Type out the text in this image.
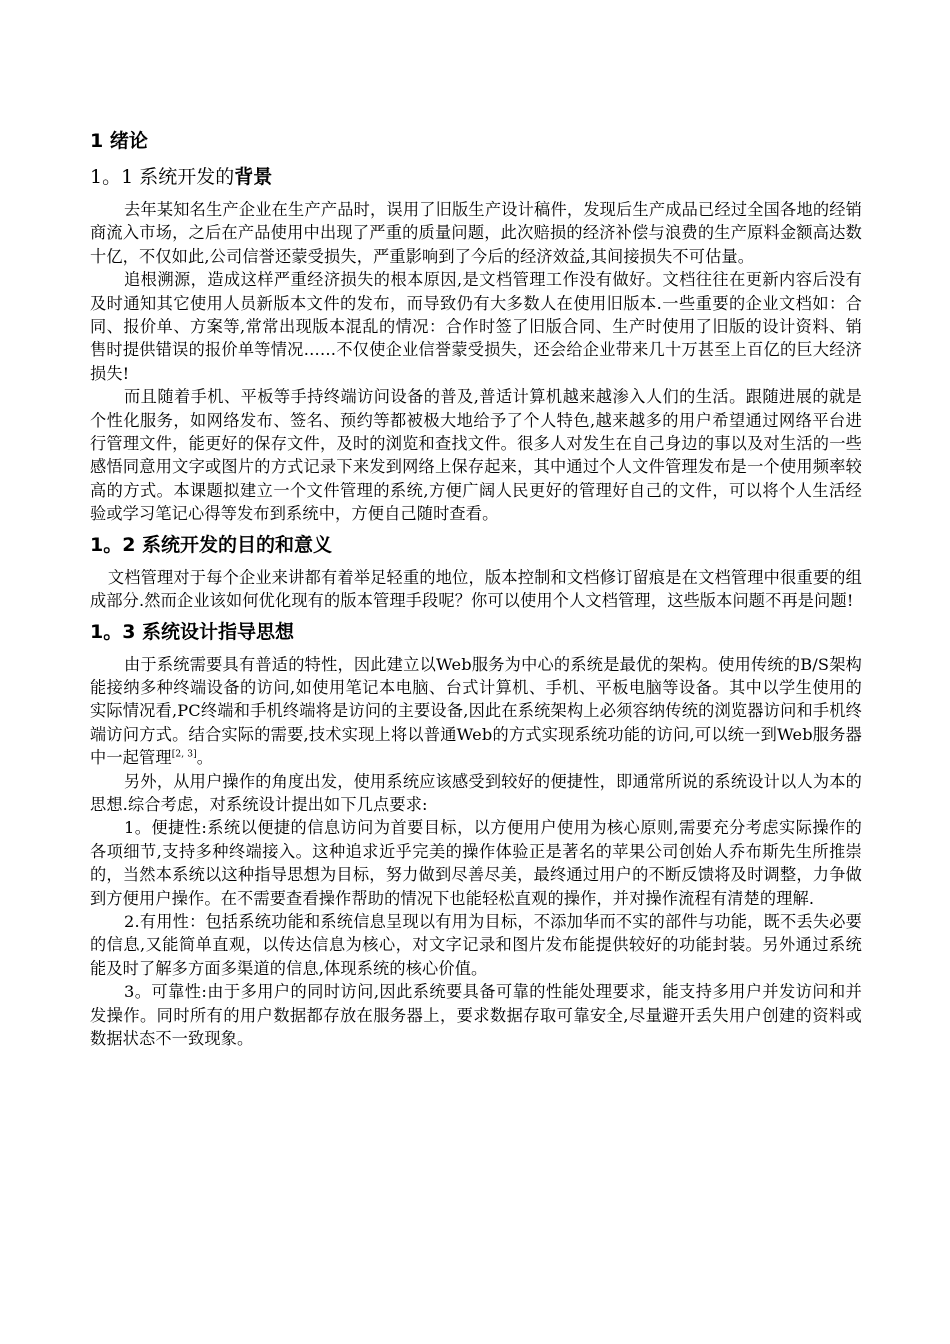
1 绪论
1。1 系统开发的背景

去年某知名生产企业在生产产品时，误用了旧版生产设计稿件，发现后生产成品已经过全国各地的经销商流入市场，之后在产品使用中出现了严重的质量问题，此次赔损的经济补偿与浪费的生产原料金额高达数十亿，不仅如此,公司信誉还蒙受损失，严重影响到了今后的经济效益,其间接损失不可估量。

追根溯源，造成这样严重经济损失的根本原因,是文档管理工作没有做好。文档往往在更新内容后没有及时通知其它使用人员新版本文件的发布，而导致仍有大多数人在使用旧版本.一些重要的企业文档如：合同、报价单、方案等,常常出现版本混乱的情况：合作时签了旧版合同、生产时使用了旧版的设计资料、销售时提供错误的报价单等情况……不仅使企业信誉蒙受损失，还会给企业带来几十万甚至上百亿的巨大经济损失!

而且随着手机、平板等手持终端访问设备的普及,普适计算机越来越渗入人们的生活。跟随进展的就是个性化服务，如网络发布、签名、预约等都被极大地给予了个人特色,越来越多的用户希望通过网络平台进行管理文件，能更好的保存文件，及时的浏览和查找文件。很多人对发生在自己身边的事以及对生活的一些感悟同意用文字或图片的方式记录下来发到网络上保存起来，其中通过个人文件管理发布是一个使用频率较高的方式。本课题拟建立一个文件管理的系统,方便广阔人民更好的管理好自己的文件，可以将个人生活经验或学习笔记心得等发布到系统中，方便自己随时查看。

1。2 系统开发的目的和意义

文档管理对于每个企业来讲都有着举足轻重的地位，版本控制和文档修订留痕是在文档管理中很重要的组成部分.然而企业该如何优化现有的版本管理手段呢？你可以使用个人文档管理，这些版本问题不再是问题!

1。3 系统设计指导思想

由于系统需要具有普适的特性，因此建立以Web服务为中心的系统是最优的架构。使用传统的B/S架构能接纳多种终端设备的访问,如使用笔记本电脑、台式计算机、手机、平板电脑等设备。其中以学生使用的实际情况看,PC终端和手机终端将是访问的主要设备,因此在系统架构上必须容纳传统的浏览器访问和手机终端访问方式。结合实际的需要,技术实现上将以普通Web的方式实现系统功能的访问,可以统一到Web服务器中一起管理[2, 3]。

另外，从用户操作的角度出发，使用系统应该感受到较好的便捷性，即通常所说的系统设计以人为本的思想.综合考虑，对系统设计提出如下几点要求:

1。便捷性:系统以便捷的信息访问为首要目标，以方便用户使用为核心原则,需要充分考虑实际操作的各项细节,支持多种终端接入。这种追求近乎完美的操作体验正是著名的苹果公司创始人乔布斯先生所推崇的，当然本系统以这种指导思想为目标，努力做到尽善尽美，最终通过用户的不断反馈将及时调整，力争做到方便用户操作。在不需要查看操作帮助的情况下也能轻松直观的操作，并对操作流程有清楚的理解.

2.有用性：包括系统功能和系统信息呈现以有用为目标，不添加华而不实的部件与功能，既不丢失必要的信息,又能简单直观，以传达信息为核心，对文字记录和图片发布能提供较好的功能封装。另外通过系统能及时了解多方面多渠道的信息,体现系统的核心价值。

3。可靠性:由于多用户的同时访问,因此系统要具备可靠的性能处理要求，能支持多用户并发访问和并发操作。同时所有的用户数据都存放在服务器上，要求数据存取可靠安全,尽量避开丢失用户创建的资料或数据状态不一致现象。
